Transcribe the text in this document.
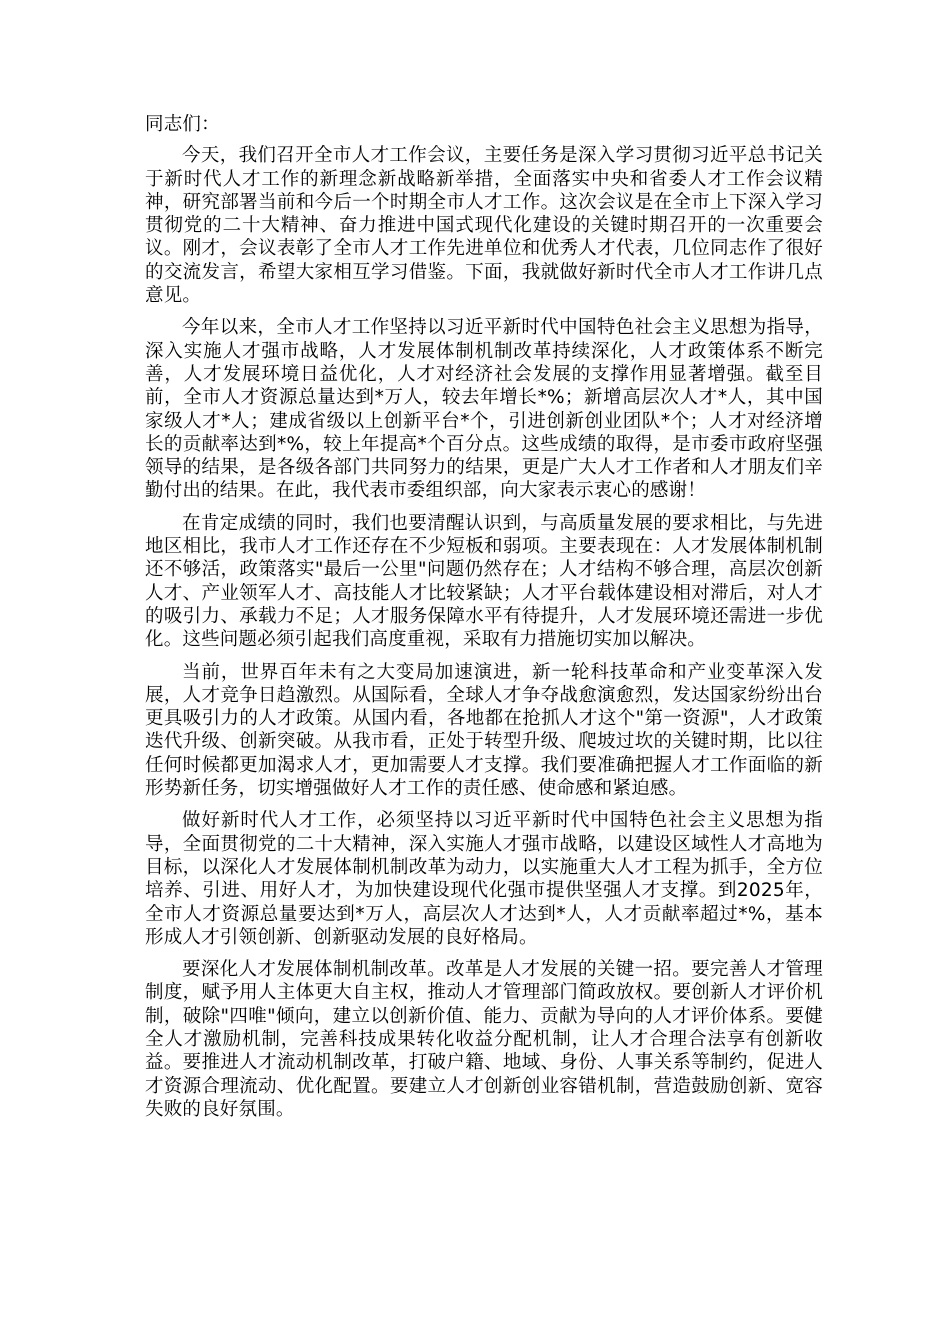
同志们：

今天，我们召开全市人才工作会议，主要任务是深入学习贯彻习近平总书记关于新时代人才工作的新理念新战略新举措，全面落实中央和省委人才工作会议精神，研究部署当前和今后一个时期全市人才工作。这次会议是在全市上下深入学习贯彻党的二十大精神、奋力推进中国式现代化建设的关键时期召开的一次重要会议。刚才，会议表彰了全市人才工作先进单位和优秀人才代表，几位同志作了很好的交流发言，希望大家相互学习借鉴。下面，我就做好新时代全市人才工作讲几点意见。

今年以来，全市人才工作坚持以习近平新时代中国特色社会主义思想为指导，深入实施人才强市战略，人才发展体制机制改革持续深化，人才政策体系不断完善，人才发展环境日益优化，人才对经济社会发展的支撑作用显著增强。截至目前，全市人才资源总量达到*万人，较去年增长*%；新增高层次人才*人，其中国家级人才*人；建成省级以上创新平台*个，引进创新创业团队*个；人才对经济增长的贡献率达到*%，较上年提高*个百分点。这些成绩的取得，是市委市政府坚强领导的结果，是各级各部门共同努力的结果，更是广大人才工作者和人才朋友们辛勤付出的结果。在此，我代表市委组织部，向大家表示衷心的感谢！

在肯定成绩的同时，我们也要清醒认识到，与高质量发展的要求相比，与先进地区相比，我市人才工作还存在不少短板和弱项。主要表现在：人才发展体制机制还不够活，政策落实"最后一公里"问题仍然存在；人才结构不够合理，高层次创新人才、产业领军人才、高技能人才比较紧缺；人才平台载体建设相对滞后，对人才的吸引力、承载力不足；人才服务保障水平有待提升，人才发展环境还需进一步优化。这些问题必须引起我们高度重视，采取有力措施切实加以解决。

当前，世界百年未有之大变局加速演进，新一轮科技革命和产业变革深入发展，人才竞争日趋激烈。从国际看，全球人才争夺战愈演愈烈，发达国家纷纷出台更具吸引力的人才政策。从国内看，各地都在抢抓人才这个"第一资源"，人才政策迭代升级、创新突破。从我市看，正处于转型升级、爬坡过坎的关键时期，比以往任何时候都更加渴求人才，更加需要人才支撑。我们要准确把握人才工作面临的新形势新任务，切实增强做好人才工作的责任感、使命感和紧迫感。

做好新时代人才工作，必须坚持以习近平新时代中国特色社会主义思想为指导，全面贯彻党的二十大精神，深入实施人才强市战略，以建设区域性人才高地为目标，以深化人才发展体制机制改革为动力，以实施重大人才工程为抓手，全方位培养、引进、用好人才，为加快建设现代化强市提供坚强人才支撑。到2025年，全市人才资源总量要达到*万人，高层次人才达到*人，人才贡献率超过*%，基本形成人才引领创新、创新驱动发展的良好格局。

要深化人才发展体制机制改革。改革是人才发展的关键一招。要完善人才管理制度，赋予用人主体更大自主权，推动人才管理部门简政放权。要创新人才评价机制，破除"四唯"倾向，建立以创新价值、能力、贡献为导向的人才评价体系。要健全人才激励机制，完善科技成果转化收益分配机制，让人才合理合法享有创新收益。要推进人才流动机制改革，打破户籍、地域、身份、人事关系等制约，促进人才资源合理流动、优化配置。要建立人才创新创业容错机制，营造鼓励创新、宽容失败的良好氛围。
